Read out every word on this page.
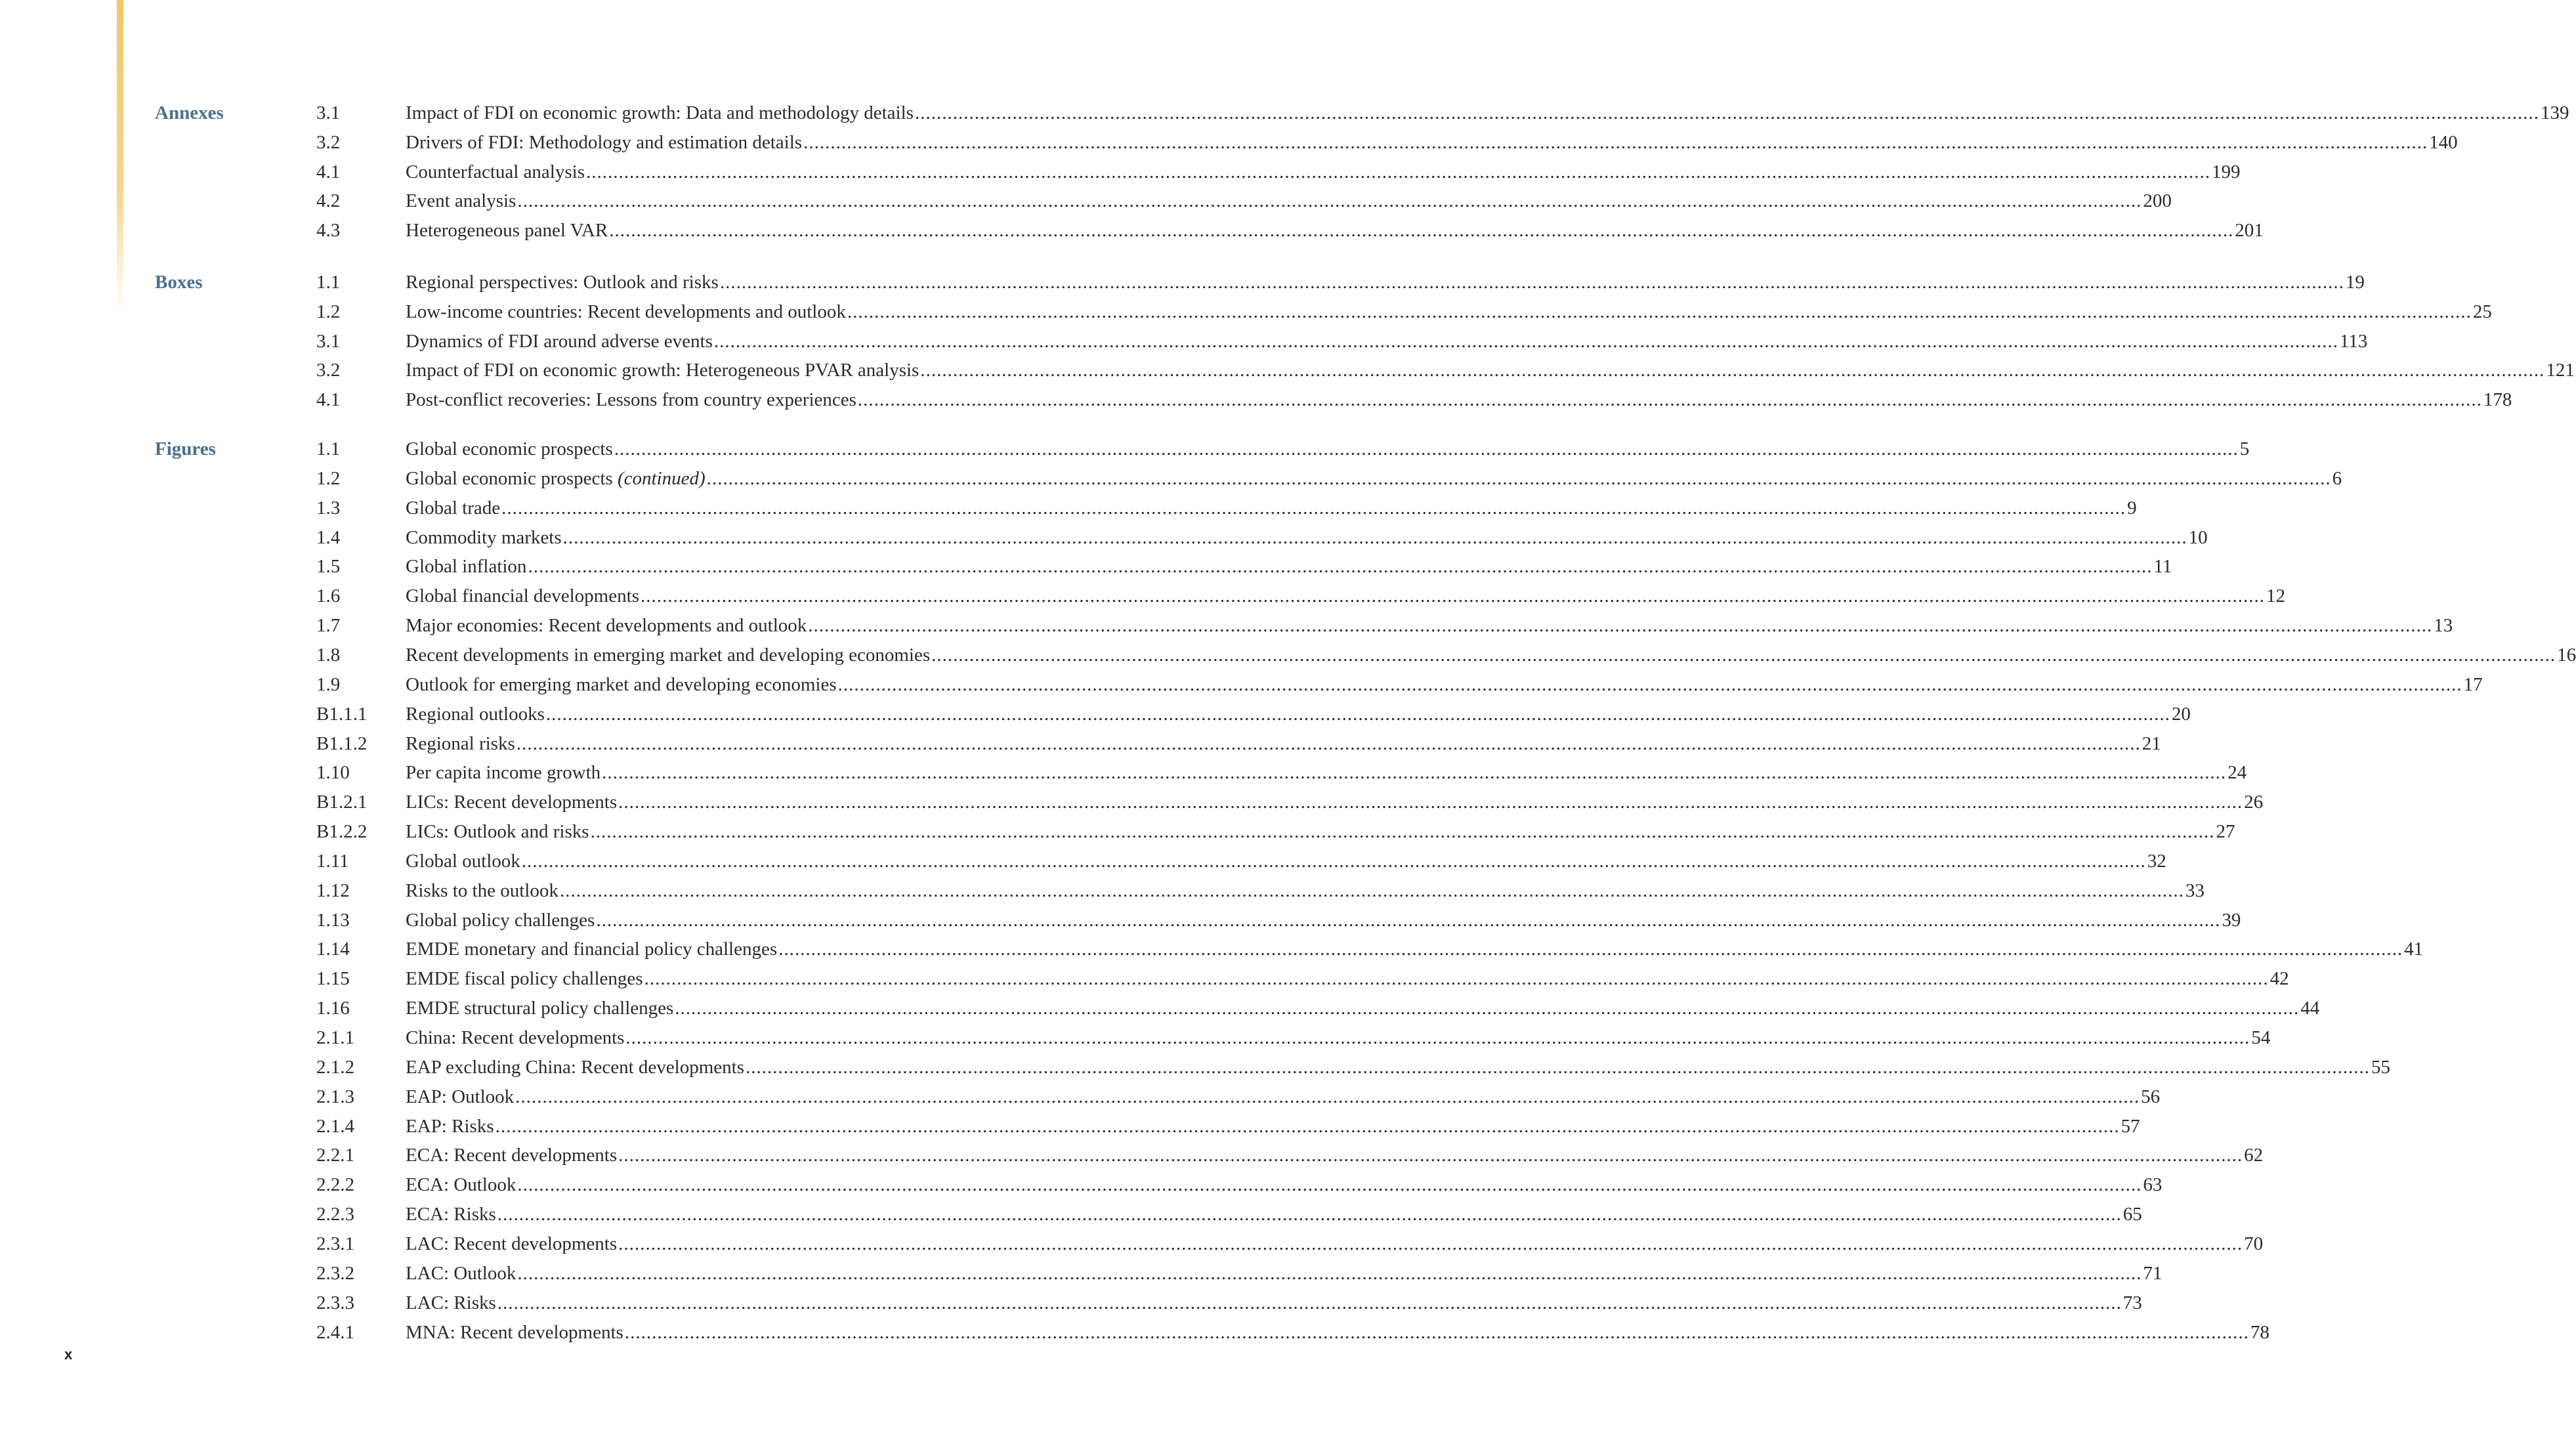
Annexes	3.1	Impact of FDI on economic growth: Data and methodology details ............................................................................................................................................................................................................................................................................................................ 139
3.2	Drivers of FDI: Methodology and estimation details ............................................................................................................................................................................................................................................................................................................ 140
4.1	Counterfactual analysis ............................................................................................................................................................................................................................................................................................................ 199
4.2	Event analysis ............................................................................................................................................................................................................................................................................................................ 200
4.3	Heterogeneous panel VAR ............................................................................................................................................................................................................................................................................................................ 201
Boxes	1.1	Regional perspectives: Outlook and risks ............................................................................................................................................................................................................................................................................................................ 19
1.2	Low-income countries: Recent developments and outlook ............................................................................................................................................................................................................................................................................................................ 25
3.1	Dynamics of FDI around adverse events ............................................................................................................................................................................................................................................................................................................ 113
3.2	Impact of FDI on economic growth: Heterogeneous PVAR analysis ............................................................................................................................................................................................................................................................................................................ 121
4.1	Post-conflict recoveries: Lessons from country experiences ............................................................................................................................................................................................................................................................................................................ 178
Figures	1.1	Global economic prospects ............................................................................................................................................................................................................................................................................................................ 5
1.2	Global economic prospects (continued) ............................................................................................................................................................................................................................................................................................................ 6
1.3	Global trade ............................................................................................................................................................................................................................................................................................................ 9
1.4	Commodity markets ............................................................................................................................................................................................................................................................................................................ 10
1.5	Global inflation ............................................................................................................................................................................................................................................................................................................ 11
1.6	Global financial developments ............................................................................................................................................................................................................................................................................................................ 12
1.7	Major economies: Recent developments and outlook ............................................................................................................................................................................................................................................................................................................ 13
1.8	Recent developments in emerging market and developing economies ............................................................................................................................................................................................................................................................................................................ 16
1.9	Outlook for emerging market and developing economies ............................................................................................................................................................................................................................................................................................................ 17
B1.1.1 Regional outlooks ............................................................................................................................................................................................................................................................................................................ 20
B1.1.2 Regional risks ............................................................................................................................................................................................................................................................................................................ 21
1.10	Per capita income growth ............................................................................................................................................................................................................................................................................................................ 24
B1.2.1 LICs: Recent developments ............................................................................................................................................................................................................................................................................................................ 26
B1.2.2 LICs: Outlook and risks ............................................................................................................................................................................................................................................................................................................ 27
1.11	Global outlook ............................................................................................................................................................................................................................................................................................................ 32
1.12	Risks to the outlook ............................................................................................................................................................................................................................................................................................................ 33
1.13	Global policy challenges ............................................................................................................................................................................................................................................................................................................ 39
1.14	EMDE monetary and financial policy challenges ............................................................................................................................................................................................................................................................................................................ 41
1.15	EMDE fiscal policy challenges ............................................................................................................................................................................................................................................................................................................ 42
1.16	EMDE structural policy challenges ............................................................................................................................................................................................................................................................................................................ 44
2.1.1	China: Recent developments ............................................................................................................................................................................................................................................................................................................ 54
2.1.2	EAP excluding China: Recent developments ............................................................................................................................................................................................................................................................................................................ 55
2.1.3	EAP: Outlook ............................................................................................................................................................................................................................................................................................................ 56
2.1.4	EAP: Risks ............................................................................................................................................................................................................................................................................................................ 57
2.2.1	ECA: Recent developments ............................................................................................................................................................................................................................................................................................................ 62
2.2.2	ECA: Outlook ............................................................................................................................................................................................................................................................................................................ 63
2.2.3	ECA: Risks ............................................................................................................................................................................................................................................................................................................ 65
2.3.1	LAC: Recent developments ............................................................................................................................................................................................................................................................................................................ 70
2.3.2	LAC: Outlook ............................................................................................................................................................................................................................................................................................................ 71
2.3.3	LAC: Risks ............................................................................................................................................................................................................................................................................................................ 73
2.4.1	MNA: Recent developments ............................................................................................................................................................................................................................................................................................................ 78
x
